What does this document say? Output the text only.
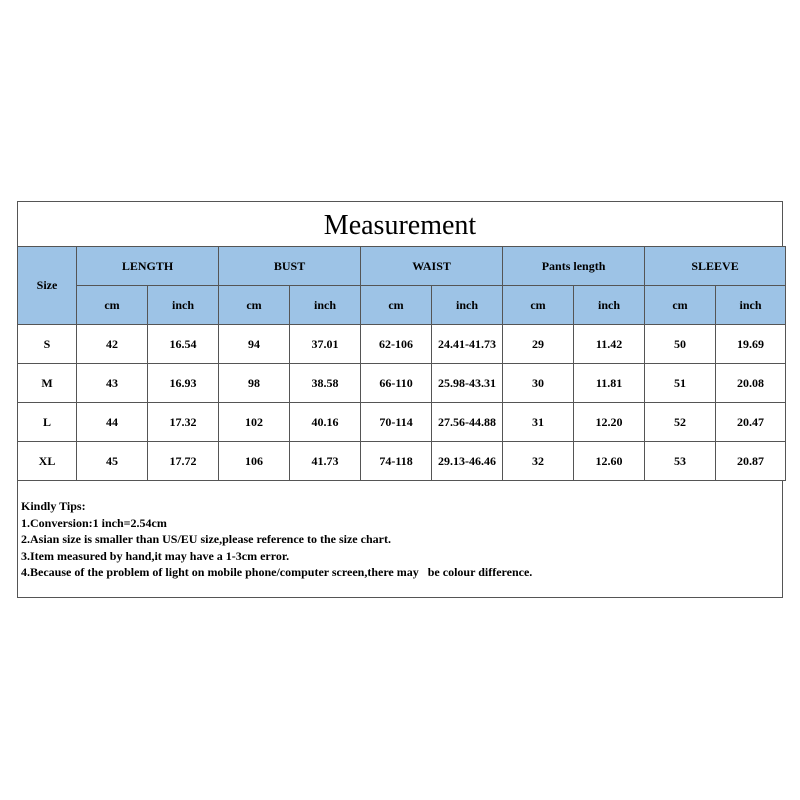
Measurement
Size	LENGTH		BUST		WAIST		Pants length		SLEEVE	
	cm	inch	cm	inch	cm	inch	cm	inch	cm	inch
S	42	16.54	94	37.01	62-106	24.41-41.73	29	11.42	50	19.69
M	43	16.93	98	38.58	66-110	25.98-43.31	30	11.81	51	20.08
L	44	17.32	102	40.16	70-114	27.56-44.88	31	12.20	52	20.47
XL	45	17.72	106	41.73	74-118	29.13-46.46	32	12.60	53	20.87
Kindly Tips:
1.Conversion:1 inch=2.54cm
2.Asian size is smaller than US/EU size,please reference to the size chart.
3.Item measured by hand,it may have a 1-3cm error.
4.Because of the problem of light on mobile phone/computer screen,there may   be colour difference.
